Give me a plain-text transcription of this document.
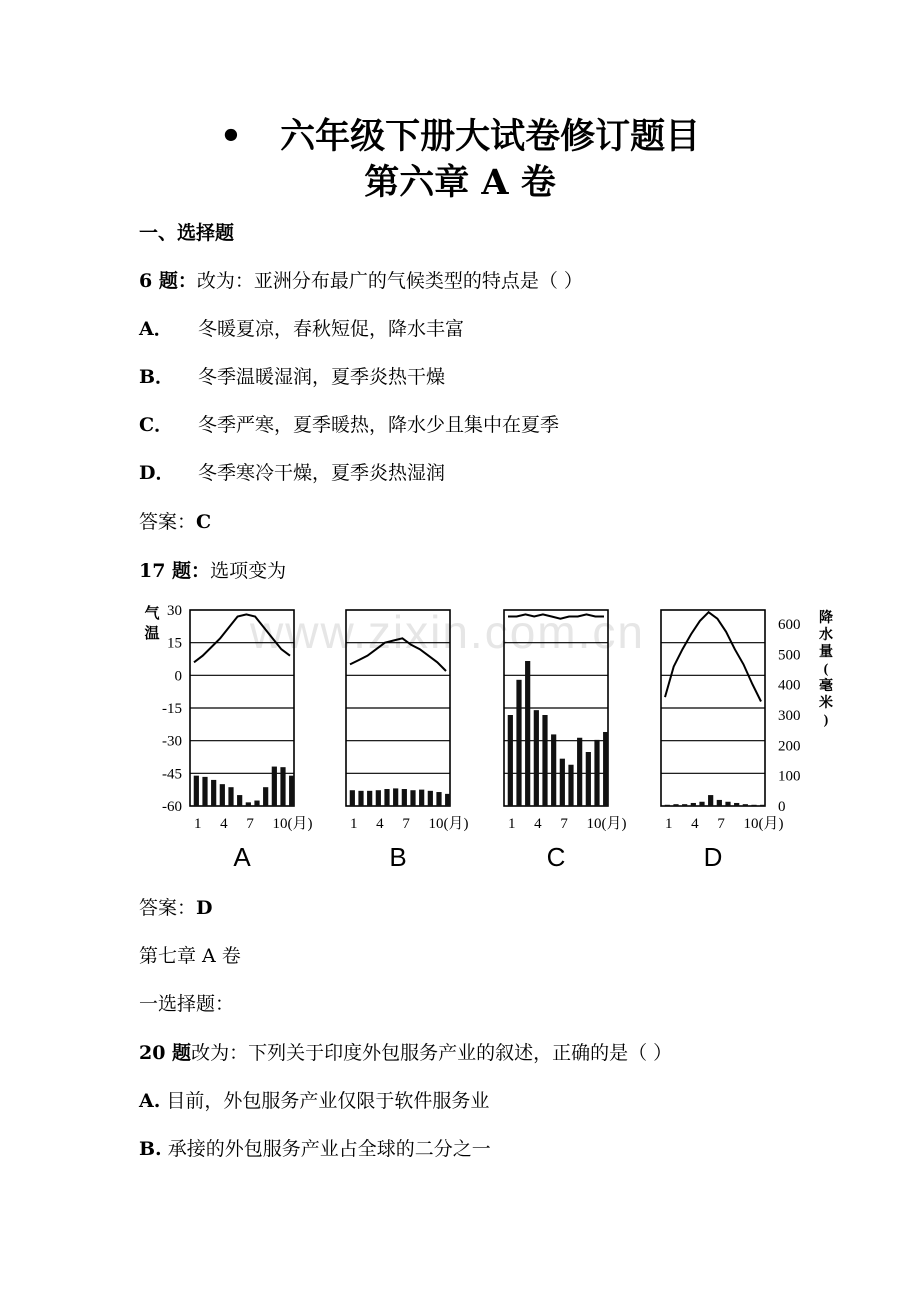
• 六年级下册大试卷修订题目
第六章 A 卷
一、选择题
6 题：改为：亚洲分布最广的气候类型的特点是（ ）
A． 冬暖夏凉，春秋短促，降水丰富
B． 冬季温暖湿润，夏季炎热干燥
C． 冬季严寒，夏季暖热，降水少且集中在夏季
D． 冬季寒冷干燥，夏季炎热湿润
答案：C
17 题：选项变为
www.zixin.com.cn
气
温
30
15
0
-15
-30
-45
-60
600
500
400
300
200
100
0
降
水
量
(
毫
米
)
1 4 7 10(月)
A
1 4 7 10(月)
B
1 4 7 10(月)
C
1 4 7 10(月)
D
答案：D
第七章 A 卷
一选择题：
20 题改为：下列关于印度外包服务产业的叙述，正确的是（ ）
A. 目前，外包服务产业仅限于软件服务业
B. 承接的外包服务产业占全球的二分之一
